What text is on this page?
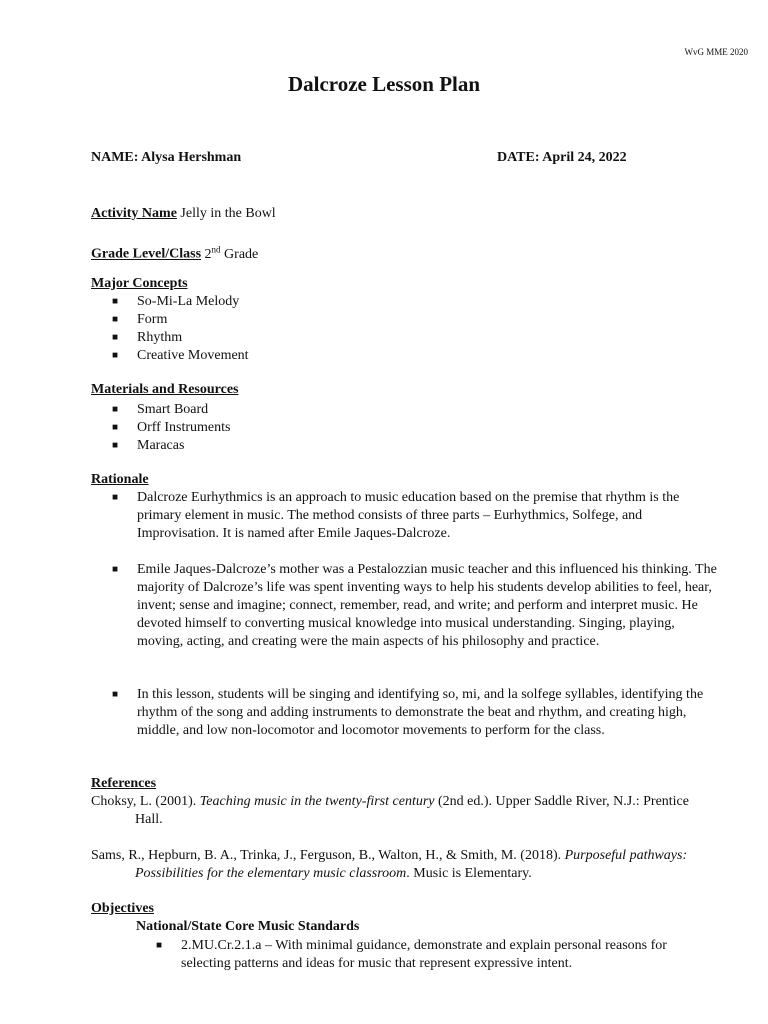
WvG MME 2020
Dalcroze Lesson Plan
NAME: Alysa Hershman	DATE: April 24, 2022
Activity Name Jelly in the Bowl
Grade Level/Class 2nd Grade
Major Concepts
■ So-Mi-La Melody
■ Form
■ Rhythm
■ Creative Movement
Materials and Resources
■ Smart Board
■ Orff Instruments
■ Maracas
Rationale
■ Dalcroze Eurhythmics is an approach to music education based on the premise that rhythm is the primary element in music. The method consists of three parts – Eurhythmics, Solfege, and Improvisation. It is named after Emile Jaques-Dalcroze.
■ Emile Jaques-Dalcroze’s mother was a Pestalozzian music teacher and this influenced his thinking. The majority of Dalcroze’s life was spent inventing ways to help his students develop abilities to feel, hear, invent; sense and imagine; connect, remember, read, and write; and perform and interpret music. He devoted himself to converting musical knowledge into musical understanding. Singing, playing, moving, acting, and creating were the main aspects of his philosophy and practice.
■ In this lesson, students will be singing and identifying so, mi, and la solfege syllables, identifying the rhythm of the song and adding instruments to demonstrate the beat and rhythm, and creating high, middle, and low non-locomotor and locomotor movements to perform for the class.
References
Choksy, L. (2001). Teaching music in the twenty-first century (2nd ed.). Upper Saddle River, N.J.: Prentice Hall.
Sams, R., Hepburn, B. A., Trinka, J., Ferguson, B., Walton, H., & Smith, M. (2018). Purposeful pathways: Possibilities for the elementary music classroom. Music is Elementary.
Objectives
National/State Core Music Standards
■ 2.MU.Cr.2.1.a – With minimal guidance, demonstrate and explain personal reasons for selecting patterns and ideas for music that represent expressive intent.
